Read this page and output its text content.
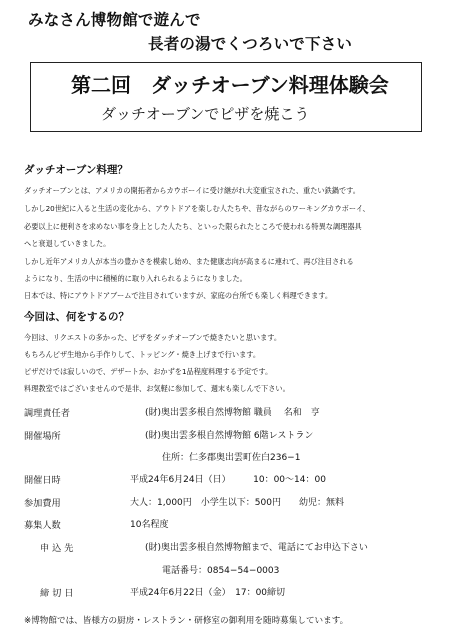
みなさん博物館で遊んで
長者の湯でくつろいで下さい
第二回　ダッチオーブン料理体験会
ダッチオーブンでピザを焼こう
ダッチオーブン料理？
ダッチオーブンとは、アメリカの開拓者からカウボーイに受け継がれ大変重宝された、重たい鉄鍋です。
しかし20世紀に入ると生活の変化から、アウトドアを楽しむ人たちや、昔ながらのワーキングカウボーイ、
必要以上に便利さを求めない事を身上とした人たち、といった限られたところで使われる特異な調理器具
へと衰退していきました。
しかし近年アメリカ人が本当の豊かさを模索し始め、また健康志向が高まるに連れて、再び注目される
ようになり、生活の中に積極的に取り入れられるようになりました。
日本では、特にアウトドアブームで注目されていますが、家庭の台所でも楽しく料理できます。
今回は、何をするの？
今回は、リクエストの多かった、ピザをダッチオーブンで焼きたいと思います。
もちろんピザ生地から手作りして、トッピング・焼き上げまで行います。
ピザだけでは寂しいので、デザートか、おかずを1品程度料理する予定です。
料理教室ではございませんので是非、お気軽に参加して、週末も楽しんで下さい。
調理責任者	(財)奥出雲多根自然博物館 職員　 名和　亨
開催場所	(財)奥出雲多根自然博物館 6階レストラン
住所：仁多郡奥出雲町佐白236−1
開催日時	平成24年6月24日（日）　　　10：00～14：00
参加費用	大人：1,000円　小学生以下：500円　　幼児：無料
募集人数	10名程度
申 込 先	(財)奥出雲多根自然博物館まで、電話にてお申込下さい
電話番号：0854−54−0003
締 切 日	平成24年6月22日（金）　17：00締切
※博物館では、皆様方の厨房・レストラン・研修室の御利用を随時募集しています。
